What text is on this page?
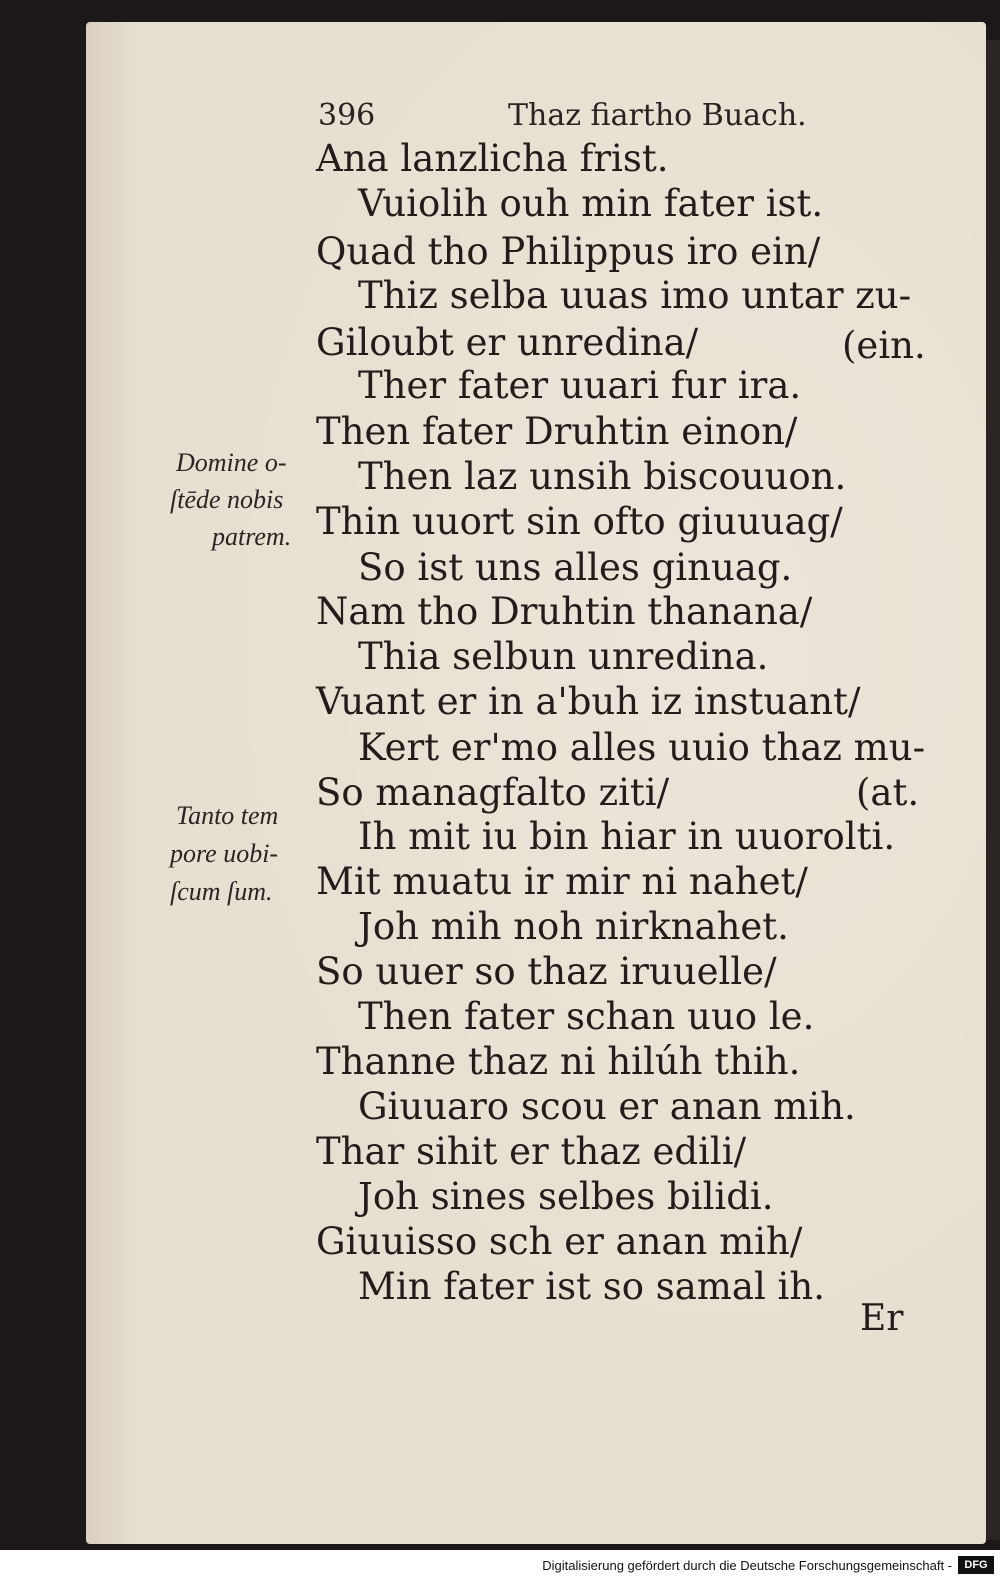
396	Thaz fiartho Buach.
Ana lanzlicha frist.
Vuiolih ouh min fater ist.
Quad tho Philippus iro ein/
Thiz selba uuas imo untar zu-
Giloubt er unredina/	(ein.
Ther fater uuari fur ira.
Then fater Druhtin einon/
Then laz unsih biscouuon.
Thin uuort sin ofto giuuuag/
So ist uns alles ginuag.
Nam tho Druhtin thanana/
Thia selbun unredina.
Vuant er in a'buh iz instuant/
Kert er'mo alles uuio thaz mu-
So managfalto ziti/	(at.
Ih mit iu bin hiar in uuorolti.
Mit muatu ir mir ni nahet/
Joh mih noh nirknahet.
So uuer so thaz iruuelle/
Then fater schan uuo le.
Thanne thaz ni hilúh thih.
Giuuaro scou er anan mih.
Thar sihit er thaz edili/
Joh sines selbes bilidi.
Giuuisso sch er anan mih/
Min fater ist so samal ih.
Domine o-
ſtēde nobis
patrem.
Tanto tem
pore uobi-
ſcum ſum.
Er
Digitalisierung gefördert durch die Deutsche Forschungsgemeinschaft -	DFG
